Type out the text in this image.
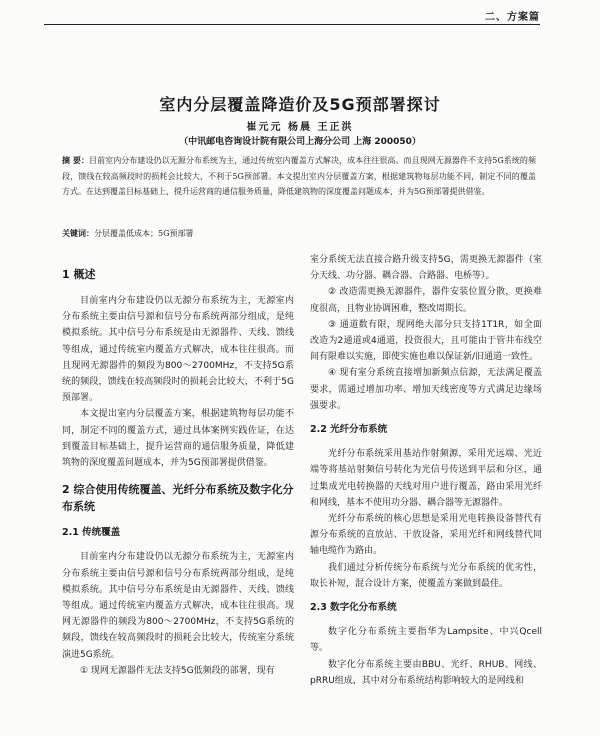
二、方案篇
室内分层覆盖降造价及5G预部署探讨
崔元元 杨晨 王正洪
（中讯邮电咨询设计院有限公司上海分公司 上海 200050）
摘 要：目前室内分布建设仍以无源分布系统为主，通过传统室内覆盖方式解决，成本往往很高。而且现网无源器件不支持5G系统的频段，馈线在较高频段时的损耗会比较大，不利于5G预部署。本文提出室内分层覆盖方案，根据建筑物每层功能不同，制定不同的覆盖方式。在达到覆盖目标基础上，提升运营商的通信服务质量，降低建筑物的深度覆盖问题成本，并为5G预部署提供借鉴。
关键词：分层覆盖低成本；5G预部署
1 概述

目前室内分布建设仍以无源分布系统为主，无源室内分布系统主要由信号源和信号分布系统两部分组成，是纯模拟系统。其中信号分布系统是由无源器件、天线、馈线等组成，通过传统室内覆盖方式解决，成本往往很高。而且现网无源器件的频段为800～2700MHz，不支持5G系统的频段，馈线在较高频段时的损耗会比较大，不利于5G预部署。

本文提出室内分层覆盖方案，根据建筑物每层功能不同，制定不同的覆盖方式，通过具体案例实践佐证，在达到覆盖目标基础上，提升运营商的通信服务质量，降低建筑物的深度覆盖问题成本，并为5G预部署提供借鉴。

2 综合使用传统覆盖、光纤分布系统及数字化分布系统
2.1 传统覆盖

目前室内分布建设仍以无源分布系统为主，无源室内分布系统主要由信号源和信号分布系统两部分组成，是纯模拟系统。其中信号分布系统是由无源器件、天线、馈线等组成。通过传统室内覆盖方式解决，成本往往很高。现网无源器件的频段为800～2700MHz，不支持5G系统的频段，馈线在较高频段时的损耗会比较大，传统室分系统演进5G系统。

① 现网无源器件无法支持5G低频段的部署，现有

室分系统无法直接合路升级支持5G，需更换无源器件（室分天线、功分器、耦合器、合路器、电桥等）。

② 改造需更换无源器件，器件安装位置分散，更换难度很高，且物业协调困难，整改周期长。

③ 通道数有限，现网绝大部分只支持1T1R，如全面改造为2通道或4通道，投资很大，且可能由于管井布线空间有限难以实施，即使实施也难以保证新/旧通道一致性。

④ 现有室分系统直接增加新频点信源，无法满足覆盖要求，需通过增加功率、增加天线密度等方式满足边缘场强要求。

2.2 光纤分布系统

光纤分布系统采用基站作射频源，采用光远端、光近端等将基站射频信号转化为光信号传送到平层和分区，通过集成光电转换器的天线对用户进行覆盖，路由采用光纤和网线，基本不使用功分器、耦合器等无源器件。

光纤分布系统的核心思想是采用光电转换设备替代有源分布系统的直放站、干放设备，采用光纤和网线替代同轴电缆作为路由。

我们通过分析传统分布系统与光分布系统的优劣性，取长补短，混合设计方案，使覆盖方案做到最佳。

2.3 数字化分布系统

数字化分布系统主要指华为Lampsite、中兴Qcell等。

数字化分布系统主要由BBU、光纤、RHUB、网线、pRRU组成，其中对分布系统结构影响较大的是网线和
